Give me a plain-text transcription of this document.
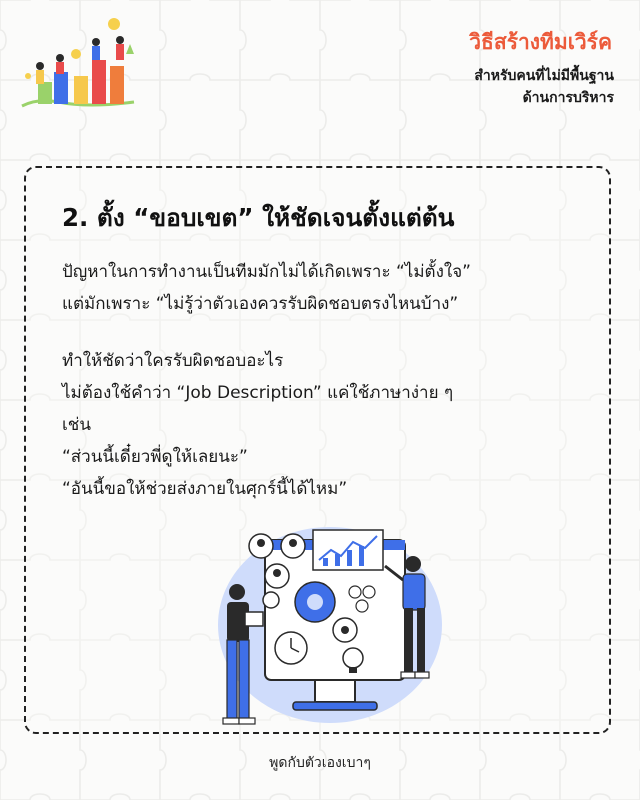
วิธีสร้างทีมเวิร์ค
สำหรับคนที่ไม่มีพื้นฐาน
ด้านการบริหาร
2. ตั้ง “ขอบเขต” ให้ชัดเจนตั้งแต่ต้น
ปัญหาในการทำงานเป็นทีมมักไม่ได้เกิดเพราะ “ไม่ตั้งใจ”
แต่มักเพราะ “ไม่รู้ว่าตัวเองควรรับผิดชอบตรงไหนบ้าง”
ทำให้ชัดว่าใครรับผิดชอบอะไร
ไม่ต้องใช้คำว่า “Job Description” แค่ใช้ภาษาง่าย ๆ
เช่น
“ส่วนนี้เดี๋ยวพี่ดูให้เลยนะ”
“อันนี้ขอให้ช่วยส่งภายในศุกร์นี้ได้ไหม”
พูดกับตัวเองเบาๆ
